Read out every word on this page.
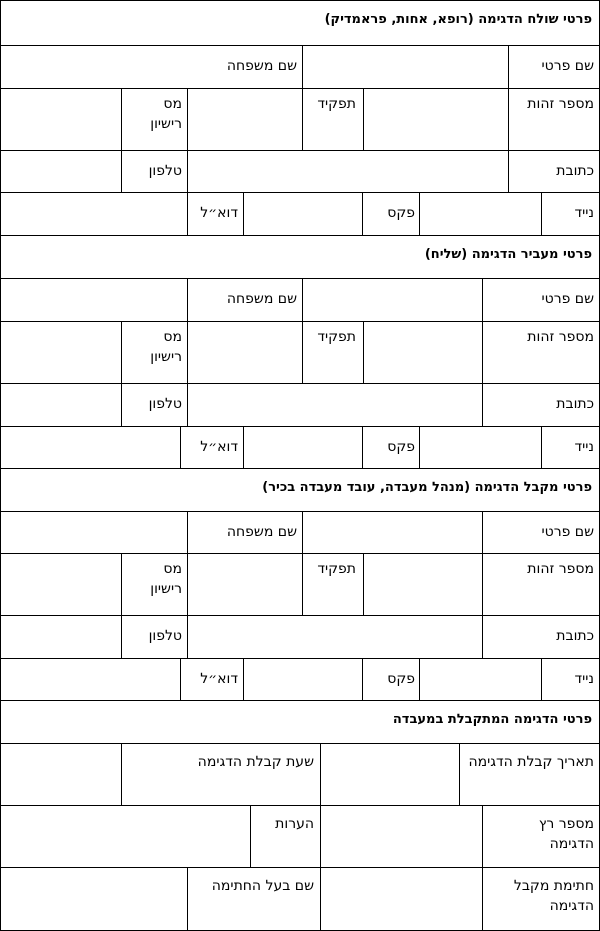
פרטי שולח הדגימה (רופא, אחות, פראמדיק)
שם פרטי
שם משפחה
מספר זהות
תפקיד
מס רישיון
כתובת
טלפון
נייד
פקס
דוא״ל
פרטי מעביר הדגימה (שליח)
שם פרטי
שם משפחה
מספר זהות
תפקיד
מס רישיון
כתובת
טלפון
נייד
פקס
דוא״ל
פרטי מקבל הדגימה (מנהל מעבדה, עובד מעבדה בכיר)
שם פרטי
שם משפחה
מספר זהות
תפקיד
מס רישיון
כתובת
טלפון
נייד
פקס
דוא״ל
פרטי הדגימה המתקבלת במעבדה
תאריך קבלת הדגימה
שעת קבלת הדגימה
מספר רץ הדגימה
הערות
חתימת מקבל הדגימה
שם בעל החתימה
